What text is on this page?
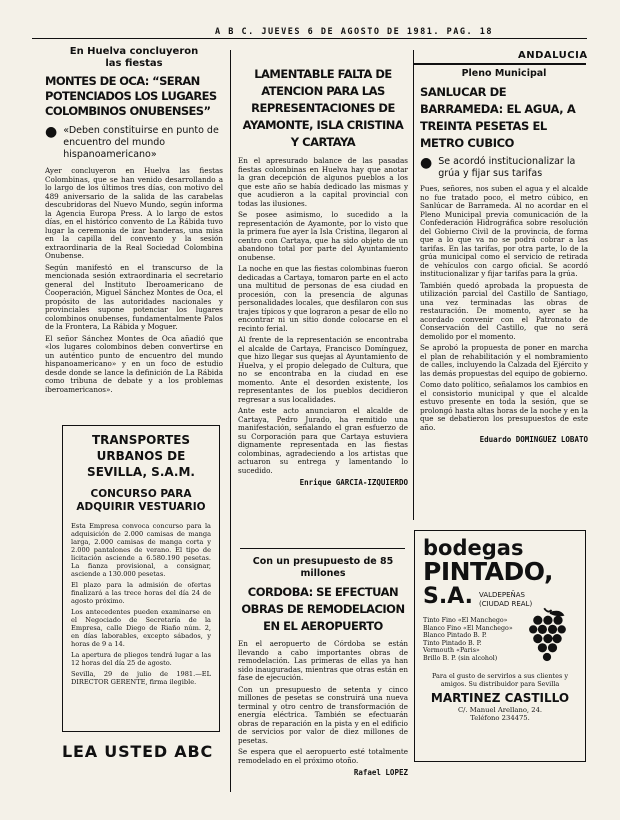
A B C. JUEVES 6 DE AGOSTO DE 1981. PAG. 18
ANDALUCIA
En Huelva concluyeron las fiestas
MONTES DE OCA: “SERAN POTENCIADOS LOS LUGARES COLOMBINOS ONUBENSES”
● «Deben constituirse en punto de encuentro del mundo hispanoamericano»

Ayer concluyeron en Huelva las fiestas Colombinas, que se han venido desarrollando a lo largo de los últimos tres días, con motivo del 489 aniversario de la salida de las carabelas descubridoras del Nuevo Mundo, según informa la Agencia Europa Press. A lo largo de estos días, en el histórico convento de La Rábida tuvo lugar la ceremonia de izar banderas, una misa en la capilla del convento y la sesión extraordinaria de la Real Sociedad Colombina Onubense.

Según manifestó en el transcurso de la mencionada sesión extraordinaria el secretario general del Instituto Iberoamericano de Cooperación, Miguel Sánchez Montes de Oca, el propósito de las autoridades nacionales y provinciales supone potenciar los lugares colombinos onubenses, fundamentalmente Palos de la Frontera, La Rábida y Moguer.

El señor Sánchez Montes de Oca añadió que «los lugares colombinos deben convertirse en un auténtico punto de encuentro del mundo hispanoamericano» y en un foco de estudio desde donde se lance la definición de La Rábida como tribuna de debate y a los problemas iberoamericanos».

TRANSPORTES URBANOS DE SEVILLA, S.A.M.
CONCURSO PARA ADQUIRIR VESTUARIO

Esta Empresa convoca concurso para la adquisición de 2.000 camisas de manga larga, 2.000 camisas de manga corta y 2.000 pantalones de verano. El tipo de licitación asciende a 6.580.190 pesetas. La fianza provisional, a consignar, asciende a 130.000 pesetas.

El plazo para la admisión de ofertas finalizará a las trece horas del día 24 de agosto próximo.

Los antecedentes pueden examinarse en el Negociado de Secretaría de la Empresa, calle Diego de Riaño núm. 2, en días laborables, excepto sábados, y horas de 9 a 14.

La apertura de pliegos tendrá lugar a las 12 horas del día 25 de agosto.

Sevilla, 29 de julio de 1981.—EL DIRECTOR GERENTE, firma ilegible.

LEA USTED ABC
LAMENTABLE FALTA DE ATENCION PARA LAS REPRESENTACIONES DE AYAMONTE, ISLA CRISTINA Y CARTAYA

En el apresurado balance de las pasadas fiestas colombinas en Huelva hay que anotar la gran decepción de algunos pueblos a los que este año se había dedicado las mismas y que acudieron a la capital provincial con todas las ilusiones.

Se posee asimismo, lo sucedido a la representación de Ayamonte, por lo visto que la primera fue ayer la Isla Cristina, llegaron al centro con Cartaya, que ha sido objeto de un abandono total por parte del Ayuntamiento onubense.

La noche en que las fiestas colombinas fueron dedicadas a Cartaya, tomaron parte en el acto una multitud de personas de esa ciudad en procesión, con la presencia de algunas personalidades locales, que desfilaron con sus trajes típicos y que lograron a pesar de ello no encontrar ni un sitio donde colocarse en el recinto ferial.

Al frente de la representación se encontraba el alcalde de Cartaya, Francisco Domínguez, que hizo llegar sus quejas al Ayuntamiento de Huelva, y el propio delegado de Cultura, que no se encontraba en la ciudad en ese momento. Ante el desorden existente, los representantes de los pueblos decidieron regresar a sus localidades.

Ante este acto anunciaron el alcalde de Cartaya, Pedro Jurado, ha remitido una manifestación, señalando el gran esfuerzo de su Corporación para que Cartaya estuviera dignamente representada en las fiestas colombinas, agradeciendo a los artistas que actuaron su entrega y lamentando lo sucedido.

Enrique GARCIA-IZQUIERDO
Con un presupuesto de 85 millones
CORDOBA: SE EFECTUAN OBRAS DE REMODELACION EN EL AEROPUERTO

En el aeropuerto de Córdoba se están llevando a cabo importantes obras de remodelación. Las primeras de ellas ya han sido inauguradas, mientras que otras están en fase de ejecución.

Con un presupuesto de setenta y cinco millones de pesetas se construirá una nueva terminal y otro centro de transformación de energía eléctrica. También se efectuarán obras de reparación en la pista y en el edificio de servicios por valor de diez millones de pesetas.

Se espera que el aeropuerto esté totalmente remodelado en el próximo otoño.

Rafael LOPEZ
Pleno Municipal
SANLUCAR DE BARRAMEDA: EL AGUA, A TREINTA PESETAS EL METRO CUBICO
● Se acordó institucionalizar la grúa y fijar sus tarifas

Pues, señores, nos suben el agua y el alcalde no fue tratado poco, el metro cúbico, en Sanlúcar de Barrameda. Al no acordar en el Pleno Municipal previa comunicación de la Confederación Hidrográfica sobre resolución del Gobierno Civil de la provincia, de forma que a lo que va no se podrá cobrar a las tarifas. En las tarifas, por otra parte, lo de la grúa municipal como el servicio de retirada de vehículos con cargo oficial. Se acordó institucionalizar y fijar tarifas para la grúa.

También quedó aprobada la propuesta de utilización parcial del Castillo de Santiago, una vez terminadas las obras de restauración. De momento, ayer se ha acordado convenir con el Patronato de Conservación del Castillo, que no será demolido por el momento.

Se aprobó la propuesta de poner en marcha el plan de rehabilitación y el nombramiento de calles, incluyendo la Calzada del Ejército y las demás propuestas del equipo de gobierno.

Como dato político, señalamos los cambios en el consistorio municipal y que el alcalde estuvo presente en toda la sesión, que se prolongó hasta altas horas de la noche y en la que se debatieron los presupuestos de este año.

Eduardo DOMINGUEZ LOBATO
bodegas
PINTADO,
S.A. VALDEPEÑAS (CIUDAD REAL)
Tinto Fino «El Manchego»
Blanco Fino «El Manchego»
Blanco Pintado B. P.
Tinto Pintado B. P.
Vermouth «Paris»
Brillo B. P. (sin alcohol)
Para el gusto de servirlos a sus clientes y amigos. Su distribuidor para Sevilla
MARTINEZ CASTILLO
C/. Manuel Arellano, 24.
Teléfono 234475.
